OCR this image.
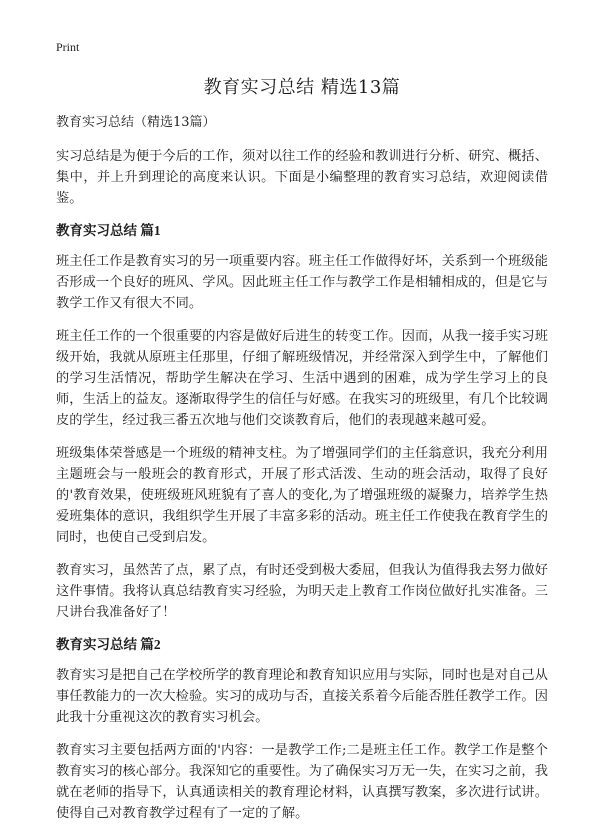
Print
教育实习总结 精选13篇

教育实习总结（精选13篇）

实习总结是为便于今后的工作，须对以往工作的经验和教训进行分析、研究、概括、集中，并上升到理论的高度来认识。下面是小编整理的教育实习总结，欢迎阅读借鉴。

教育实习总结 篇1

班主任工作是教育实习的另一项重要内容。班主任工作做得好坏，关系到一个班级能否形成一个良好的班风、学风。因此班主任工作与教学工作是相辅相成的，但是它与教学工作又有很大不同。

班主任工作的一个很重要的内容是做好后进生的转变工作。因而，从我一接手实习班级开始，我就从原班主任那里，仔细了解班级情况，并经常深入到学生中，了解他们的学习生活情况，帮助学生解决在学习、生活中遇到的困难，成为学生学习上的良师，生活上的益友。逐渐取得学生的信任与好感。在我实习的班级里，有几个比较调皮的学生，经过我三番五次地与他们交谈教育后，他们的表现越来越可爱。

班级集体荣誉感是一个班级的精神支柱。为了增强同学们的主任翁意识，我充分利用主题班会与一般班会的教育形式，开展了形式活泼、生动的班会活动，取得了良好的'教育效果，使班级班风班貌有了喜人的变化,为了增强班级的凝聚力，培养学生热爱班集体的意识，我组织学生开展了丰富多彩的活动。班主任工作使我在教育学生的同时，也使自己受到启发。

教育实习，虽然苦了点，累了点，有时还受到极大委屈，但我认为值得我去努力做好这件事情。我将认真总结教育实习经验，为明天走上教育工作岗位做好扎实准备。三尺讲台我准备好了！

教育实习总结 篇2

教育实习是把自己在学校所学的教育理论和教育知识应用与实际，同时也是对自己从事任教能力的一次大检验。实习的成功与否，直接关系着今后能否胜任教学工作。因此我十分重视这次的教育实习机会。

教育实习主要包括两方面的'内容：一是教学工作;二是班主任工作。教学工作是整个教育实习的核心部分。我深知它的重要性。为了确保实习万无一失，在实习之前，我就在老师的指导下，认真通读相关的教育理论材料，认真撰写教案，多次进行试讲。使得自己对教育教学过程有了一定的了解。
